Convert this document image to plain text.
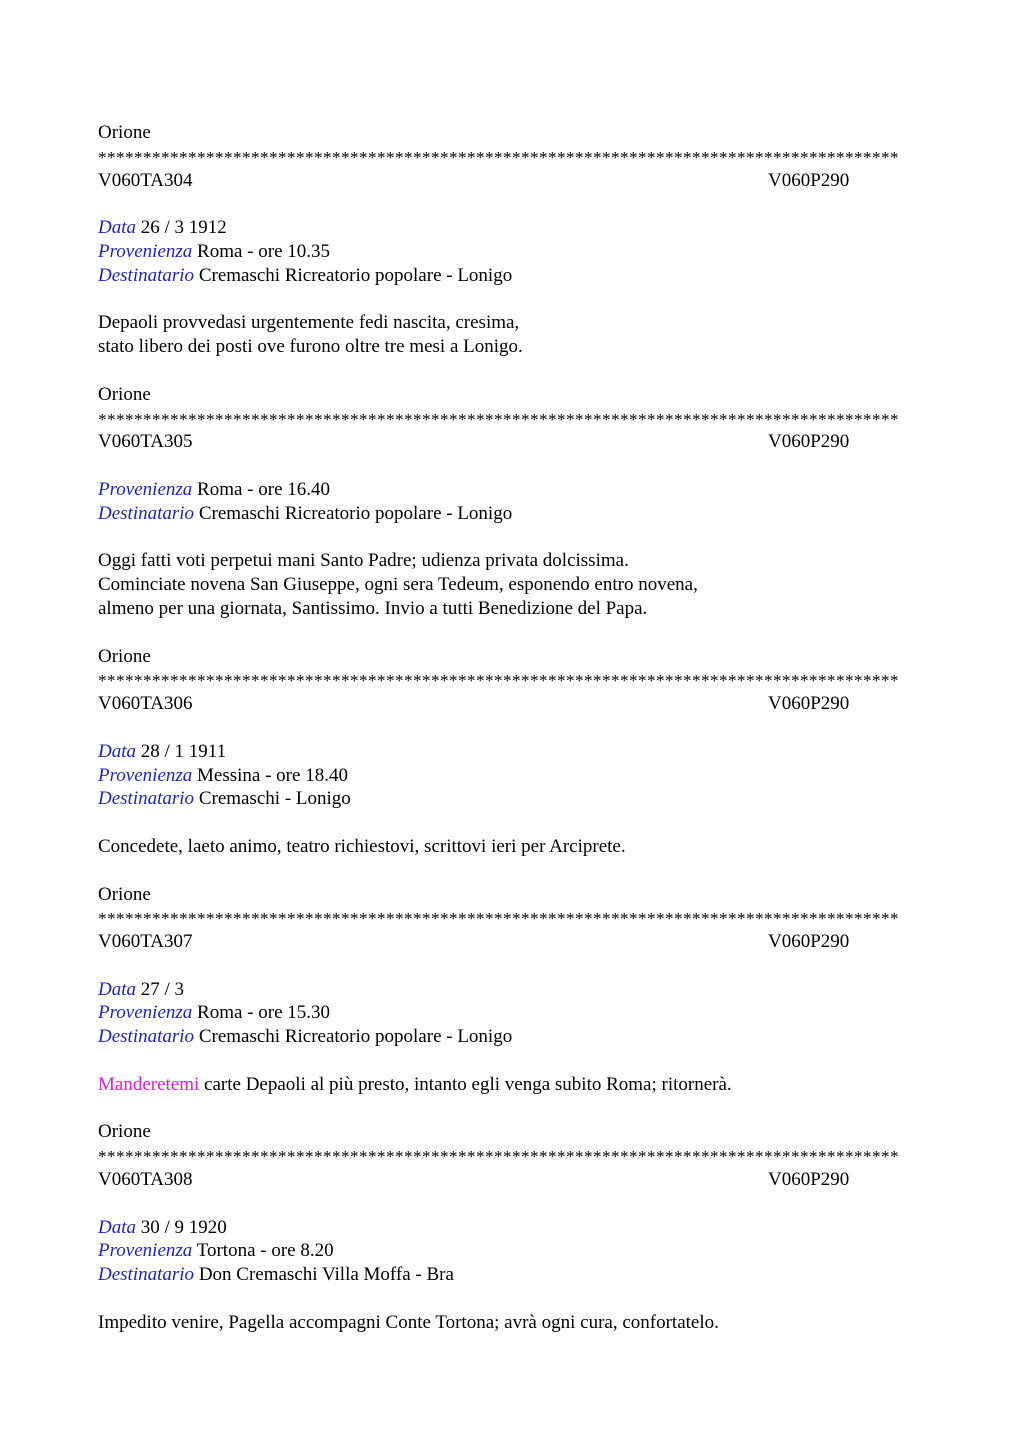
Orione
*****************************************************************************************
V060TA304	V060P290
Data 26 / 3 1912
Provenienza Roma - ore 10.35
Destinatario Cremaschi Ricreatorio popolare - Lonigo
Depaoli provvedasi urgentemente fedi nascita, cresima,
stato libero dei posti ove furono oltre tre mesi a Lonigo.
Orione
*****************************************************************************************
V060TA305	V060P290
Provenienza Roma - ore 16.40
Destinatario Cremaschi Ricreatorio popolare - Lonigo
Oggi fatti voti perpetui mani Santo Padre; udienza privata dolcissima.
Cominciate novena San Giuseppe, ogni sera Tedeum, esponendo entro novena,
almeno per una giornata, Santissimo. Invio a tutti Benedizione del Papa.
Orione
*****************************************************************************************
V060TA306	V060P290
Data 28 / 1 1911
Provenienza Messina - ore 18.40
Destinatario Cremaschi - Lonigo
Concedete, laeto animo, teatro richiestovi, scrittovi ieri per Arciprete.
Orione
*****************************************************************************************
V060TA307	V060P290
Data 27 / 3
Provenienza Roma - ore 15.30
Destinatario Cremaschi Ricreatorio popolare - Lonigo
Manderetemi carte Depaoli al più presto, intanto egli venga subito Roma; ritornerà.
Orione
*****************************************************************************************
V060TA308	V060P290
Data 30 / 9 1920
Provenienza Tortona - ore 8.20
Destinatario Don Cremaschi Villa Moffa - Bra
Impedito venire, Pagella accompagni Conte Tortona; avrà ogni cura, confortatelo.
